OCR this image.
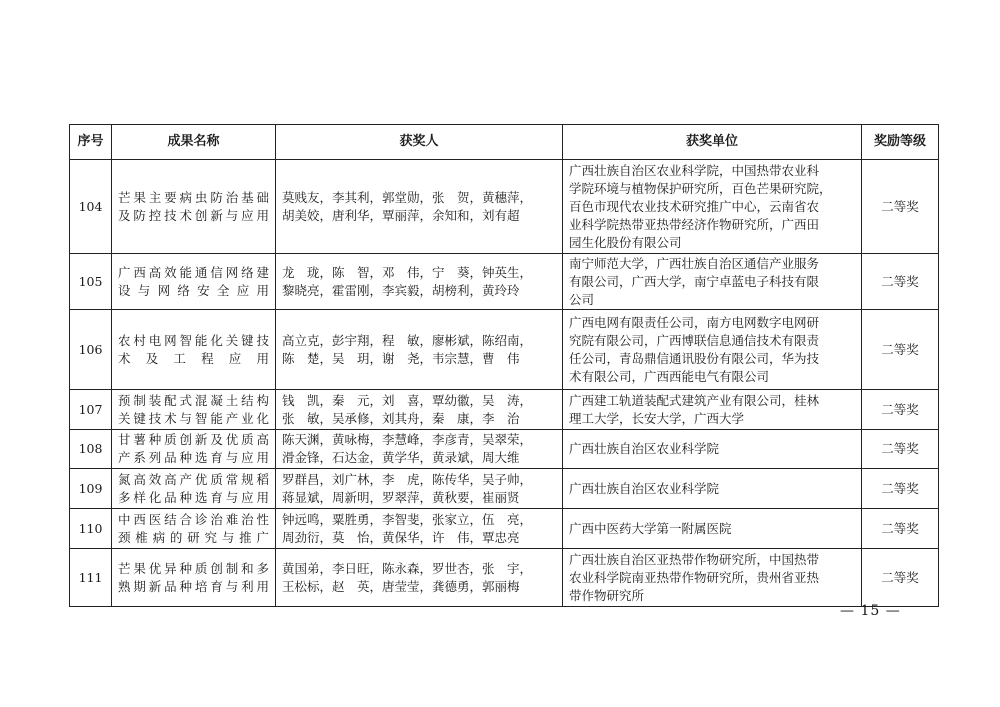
序号	成果名称	获奖人	获奖单位	奖励等级
104	芒果主要病虫防治基础
及防控技术创新与应用	莫贱友，李其利，郭堂勋，张　贺，黄穗萍，
胡美姣，唐利华，覃丽萍，余知和，刘有超	广西壮族自治区农业科学院，中国热带农业科
学院环境与植物保护研究所，百色芒果研究院，
百色市现代农业技术研究推广中心，云南省农
业科学院热带亚热带经济作物研究所，广西田
园生化股份有限公司	二等奖
105	广西高效能通信网络建
设与网络安全应用	龙　珑，陈　智，邓　伟，宁　葵，钟英生，
黎晓亮，霍雷刚，李宾毅，胡榜利，黄玲玲	南宁师范大学，广西壮族自治区通信产业服务
有限公司，广西大学，南宁卓蓝电子科技有限
公司	二等奖
106	农村电网智能化关键技
术及工程应用	高立克，彭宇翔，程　敏，廖彬斌，陈绍南，
陈　楚，吴　玥，谢　尧，韦宗慧，曹　伟	广西电网有限责任公司，南方电网数字电网研
究院有限公司，广西博联信息通信技术有限责
任公司，青岛鼎信通讯股份有限公司，华为技
术有限公司，广西西能电气有限公司	二等奖
107	预制装配式混凝土结构
关键技术与智能产业化	钱　凯，秦　元，刘　喜，覃幼徽，吴　涛，
张　敏，吴承修，刘其舟，秦　康，李　治	广西建工轨道装配式建筑产业有限公司，桂林
理工大学，长安大学，广西大学	二等奖
108	甘薯种质创新及优质高
产系列品种选育与应用	陈天渊，黄咏梅，李慧峰，李彦青，吴翠荣，
滑金锋，石达金，黄学华，黄录斌，周大维	广西壮族自治区农业科学院	二等奖
109	氮高效高产优质常规稻
多样化品种选育与应用	罗群昌，刘广林，李　虎，陈传华，吴子帅，
蒋显斌，周新明，罗翠萍，黄秋要，崔丽贤	广西壮族自治区农业科学院	二等奖
110	中西医结合诊治难治性
颈椎病的研究与推广	钟远鸣，粟胜勇，李智斐，张家立，伍　亮，
周劲衍，莫　怡，黄保华，许　伟，覃忠亮	广西中医药大学第一附属医院	二等奖
111	芒果优异种质创制和多
熟期新品种培育与利用	黄国弟，李日旺，陈永森，罗世杏，张　宇，
王松标，赵　英，唐莹莹，龚德勇，郭丽梅	广西壮族自治区亚热带作物研究所，中国热带
农业科学院南亚热带作物研究所，贵州省亚热
带作物研究所	二等奖
— 15 —
